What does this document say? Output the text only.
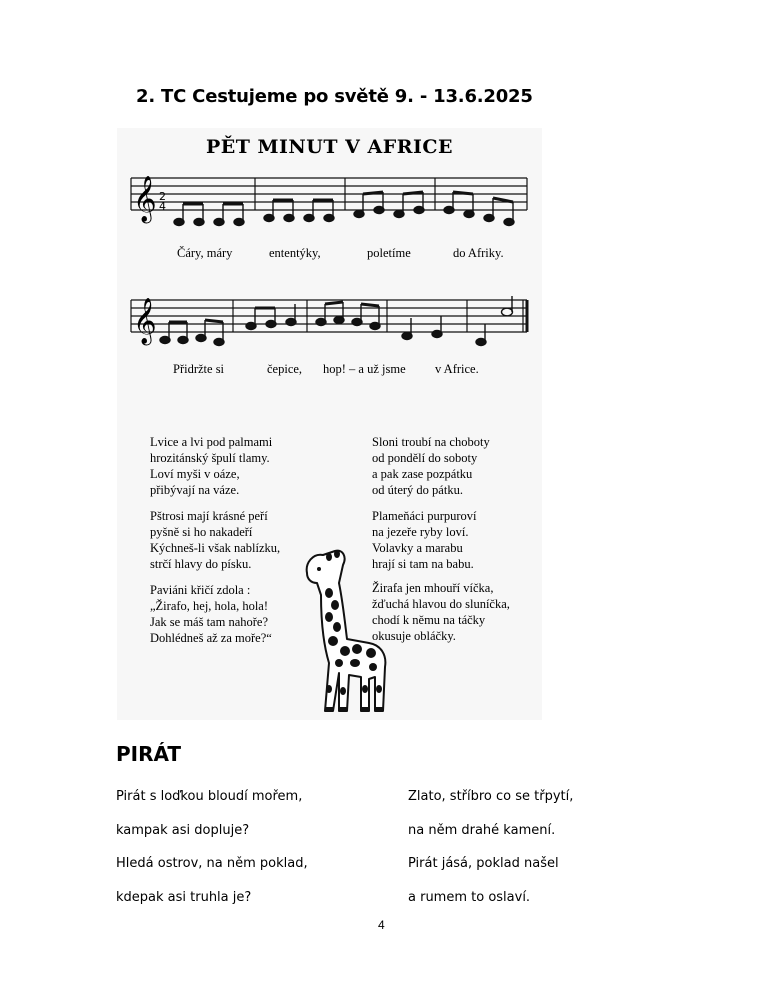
2. TC Cestujeme po světě 9. - 13.6.2025
PĚT MINUT V AFRICE
𝄞 2
4
𝄞
Čáry, máry	ententýky,	poletíme	do Afriky.
Přidržte si	čepice, hop! – a už jsme v Africe.
Lvice a lvi pod palmami
hrozitánský špulí tlamy.
Loví myši v oáze,
přibývají na váze.
Pštrosi mají krásné peří
pyšně si ho nakadeří
Kýchneš-li však nablízku,
strčí hlavy do písku.
Paviáni křičí zdola :
„Žirafo, hej, hola, hola!
Jak se máš tam nahoře?
Dohlédneš až za moře?“
Sloni troubí na choboty
od pondělí do soboty
a pak zase pozpátku
od úterý do pátku.
Plameňáci purpuroví
na jezeře ryby loví.
Volavky a marabu
hrají si tam na babu.
Žirafa jen mhouří víčka,
žďuchá hlavou do sluníčka,
chodí k němu na táčky
okusuje obláčky.
PIRÁT
Pirát s loďkou bloudí mořem,
kampak asi dopluje?
Hledá ostrov, na něm poklad,
kdepak asi truhla je?
Zlato, stříbro co se třpytí,
na něm drahé kamení.
Pirát jásá, poklad našel
a rumem to oslaví.
4
